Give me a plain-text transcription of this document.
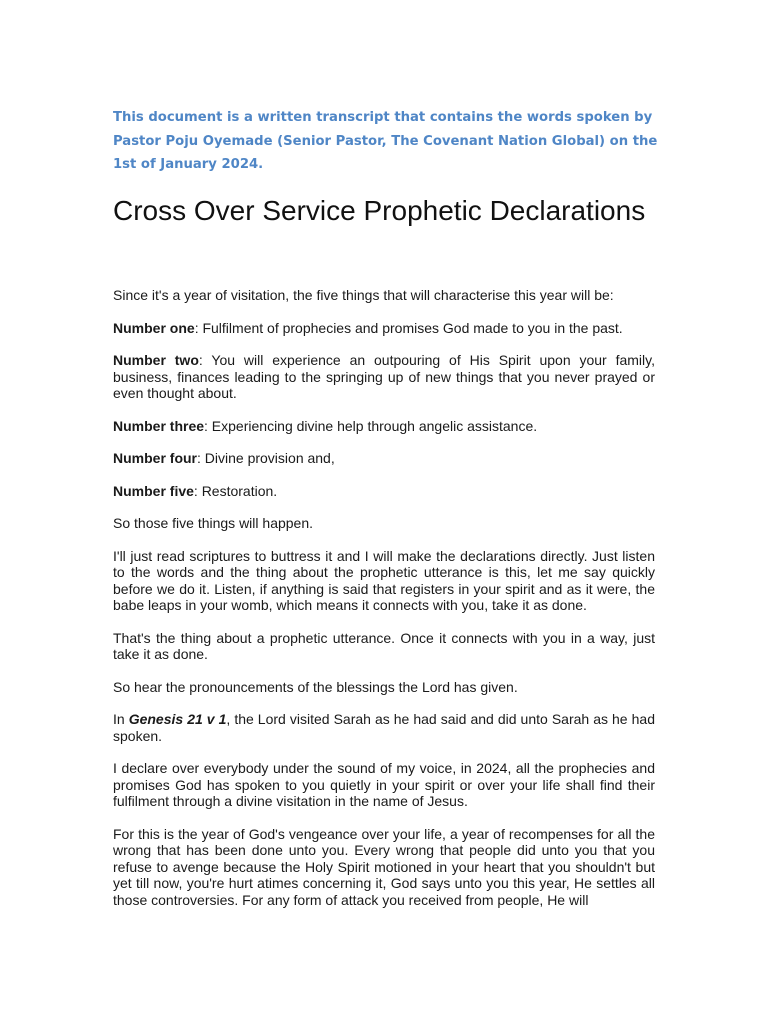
This document is a written transcript that contains the words spoken by Pastor Poju Oyemade (Senior Pastor, The Covenant Nation Global) on the 1st of January 2024.

Cross Over Service Prophetic Declarations

Since it's a year of visitation, the five things that will characterise this year will be:

Number one: Fulfilment of prophecies and promises God made to you in the past.

Number two: You will experience an outpouring of His Spirit upon your family, business, finances leading to the springing up of new things that you never prayed or even thought about.

Number three: Experiencing divine help through angelic assistance.

Number four: Divine provision and,

Number five: Restoration.

So those five things will happen.

I'll just read scriptures to buttress it and I will make the declarations directly. Just listen to the words and the thing about the prophetic utterance is this, let me say quickly before we do it. Listen, if anything is said that registers in your spirit and as it were, the babe leaps in your womb, which means it connects with you, take it as done.

That's the thing about a prophetic utterance. Once it connects with you in a way, just take it as done.

So hear the pronouncements of the blessings the Lord has given.

In Genesis 21 v 1, the Lord visited Sarah as he had said and did unto Sarah as he had spoken.

I declare over everybody under the sound of my voice, in 2024, all the prophecies and promises God has spoken to you quietly in your spirit or over your life shall find their fulfilment through a divine visitation in the name of Jesus.

For this is the year of God's vengeance over your life, a year of recompenses for all the wrong that has been done unto you. Every wrong that people did unto you that you refuse to avenge because the Holy Spirit motioned in your heart that you shouldn't but yet till now, you're hurt atimes concerning it, God says unto you this year, He settles all those controversies. For any form of attack you received from people, He will
